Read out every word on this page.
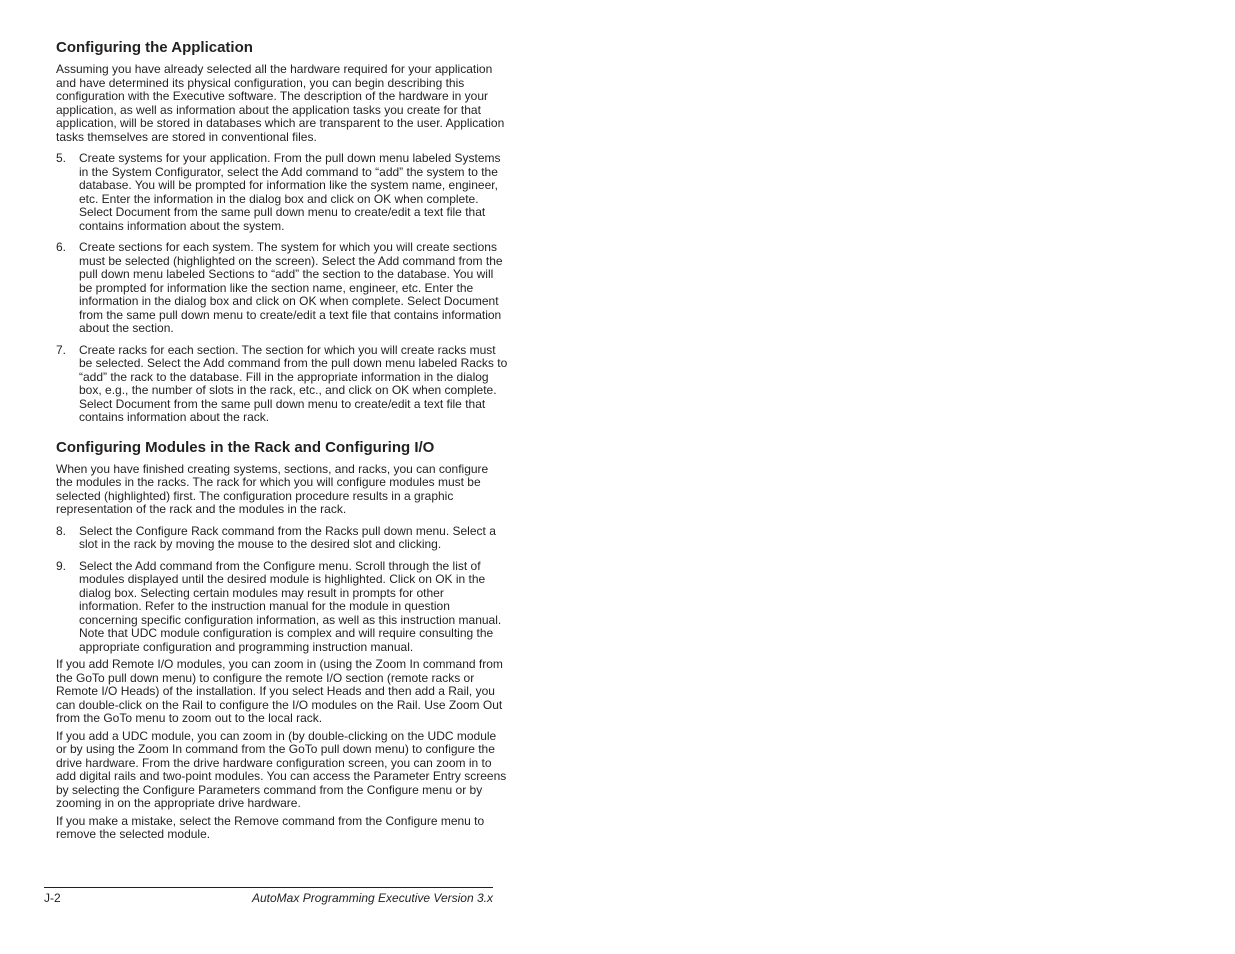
Configuring the Application

Assuming you have already selected all the hardware required for your application and have determined its physical configuration, you can begin describing this configuration with the Executive software. The description of the hardware in your application, as well as information about the application tasks you create for that application, will be stored in databases which are transparent to the user. Application tasks themselves are stored in conventional files.

5. Create systems for your application. From the pull down menu labeled Systems in the System Configurator, select the Add command to “add” the system to the database. You will be prompted for information like the system name, engineer, etc. Enter the information in the dialog box and click on OK when complete. Select Document from the same pull down menu to create/edit a text file that contains information about the system.
6. Create sections for each system. The system for which you will create sections must be selected (highlighted on the screen). Select the Add command from the pull down menu labeled Sections to “add” the section to the database. You will be prompted for information like the section name, engineer, etc. Enter the information in the dialog box and click on OK when complete. Select Document from the same pull down menu to create/edit a text file that contains information about the section.
7. Create racks for each section. The section for which you will create racks must be selected. Select the Add command from the pull down menu labeled Racks to “add” the rack to the database. Fill in the appropriate information in the dialog box, e.g., the number of slots in the rack, etc., and click on OK when complete. Select Document from the same pull down menu to create/edit a text file that contains information about the rack.
Configuring Modules in the Rack and Configuring I/O

When you have finished creating systems, sections, and racks, you can configure the modules in the racks. The rack for which you will configure modules must be selected (highlighted) first. The configuration procedure results in a graphic representation of the rack and the modules in the rack.

8. Select the Configure Rack command from the Racks pull down menu. Select a slot in the rack by moving the mouse to the desired slot and clicking.
9. Select the Add command from the Configure menu. Scroll through the list of modules displayed until the desired module is highlighted. Click on OK in the dialog box. Selecting certain modules may result in prompts for other information. Refer to the instruction manual for the module in question concerning specific configuration information, as well as this instruction manual. Note that UDC module configuration is complex and will require consulting the appropriate configuration and programming instruction manual.

If you add Remote I/O modules, you can zoom in (using the Zoom In command from the GoTo pull down menu) to configure the remote I/O section (remote racks or Remote I/O Heads) of the installation. If you select Heads and then add a Rail, you can double-click on the Rail to configure the I/O modules on the Rail. Use Zoom Out from the GoTo menu to zoom out to the local rack.

If you add a UDC module, you can zoom in (by double-clicking on the UDC module or by using the Zoom In command from the GoTo pull down menu) to configure the drive hardware. From the drive hardware configuration screen, you can zoom in to add digital rails and two-point modules. You can access the Parameter Entry screens by selecting the Configure Parameters command from the Configure menu or by zooming in on the appropriate drive hardware.

If you make a mistake, select the Remove command from the Configure menu to remove the selected module.

J-2	AutoMax Programming Executive Version 3.x
